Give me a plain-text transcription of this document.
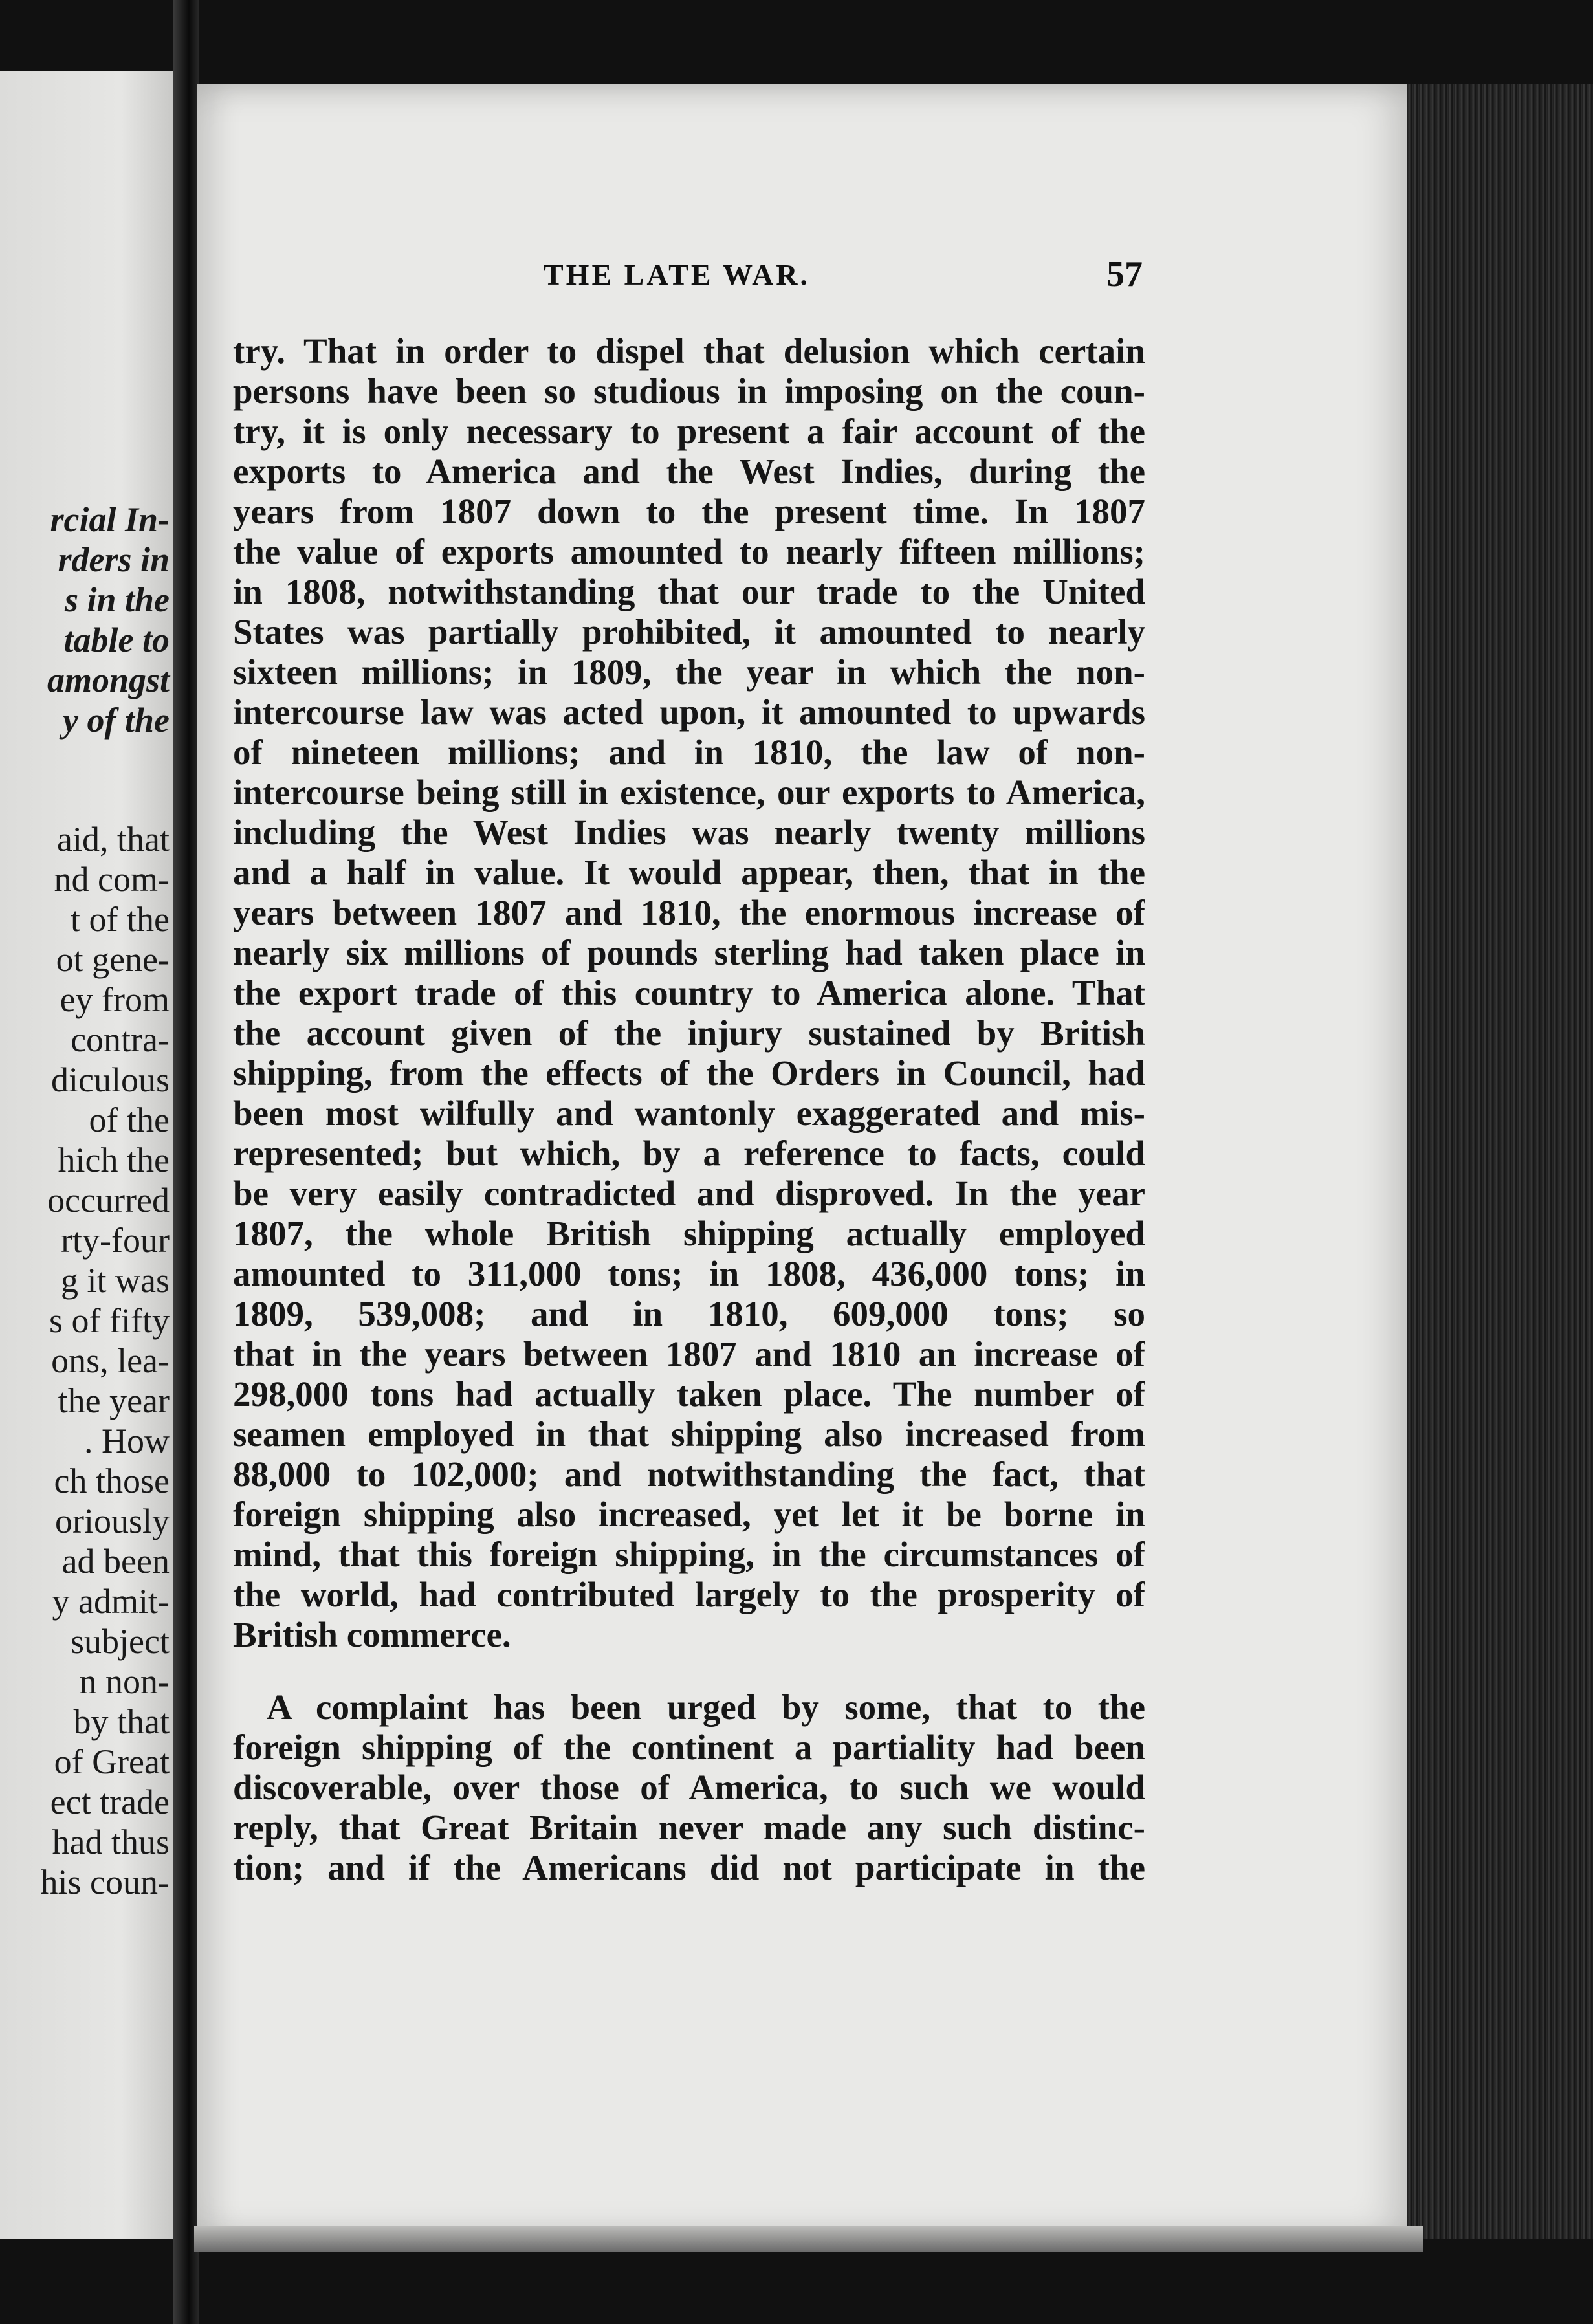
THE LATE WAR.	57
try. That in order to dispel that delusion which certain
persons have been so studious in imposing on the coun-
try, it is only necessary to present a fair account of the
exports to America and the West Indies, during the
years from 1807 down to the present time. In 1807
the value of exports amounted to nearly fifteen millions;
in 1808, notwithstanding that our trade to the United
States was partially prohibited, it amounted to nearly
sixteen millions; in 1809, the year in which the non-
intercourse law was acted upon, it amounted to upwards
of nineteen millions; and in 1810, the law of non-
intercourse being still in existence, our exports to America,
including the West Indies was nearly twenty millions
and a half in value. It would appear, then, that in the
years between 1807 and 1810, the enormous increase of
nearly six millions of pounds sterling had taken place in
the export trade of this country to America alone. That
the account given of the injury sustained by British
shipping, from the effects of the Orders in Council, had
been most wilfully and wantonly exaggerated and mis-
represented; but which, by a reference to facts, could
be very easily contradicted and disproved. In the year
1807, the whole British shipping actually employed
amounted to 311,000 tons; in 1808, 436,000 tons; in
1809, 539,008; and in 1810, 609,000 tons; so
that in the years between 1807 and 1810 an increase of
298,000 tons had actually taken place. The number of
seamen employed in that shipping also increased from
88,000 to 102,000; and notwithstanding the fact, that
foreign shipping also increased, yet let it be borne in
mind, that this foreign shipping, in the circumstances of
the world, had contributed largely to the prosperity of
British commerce.
A complaint has been urged by some, that to the
foreign shipping of the continent a partiality had been
discoverable, over those of America, to such we would
reply, that Great Britain never made any such distinc-
tion; and if the Americans did not participate in the
rcial In-
rders in
s in the
table to
amongst
y of the
aid, that
nd com-
t of the
ot gene-
ey from
contra-
diculous
of the
hich the
occurred
rty-four
g it was
s of fifty
ons, lea-
the year
. How
ch those
oriously
ad been
y admit-
subject
n non-
by that
of Great
ect trade
had thus
his coun-
